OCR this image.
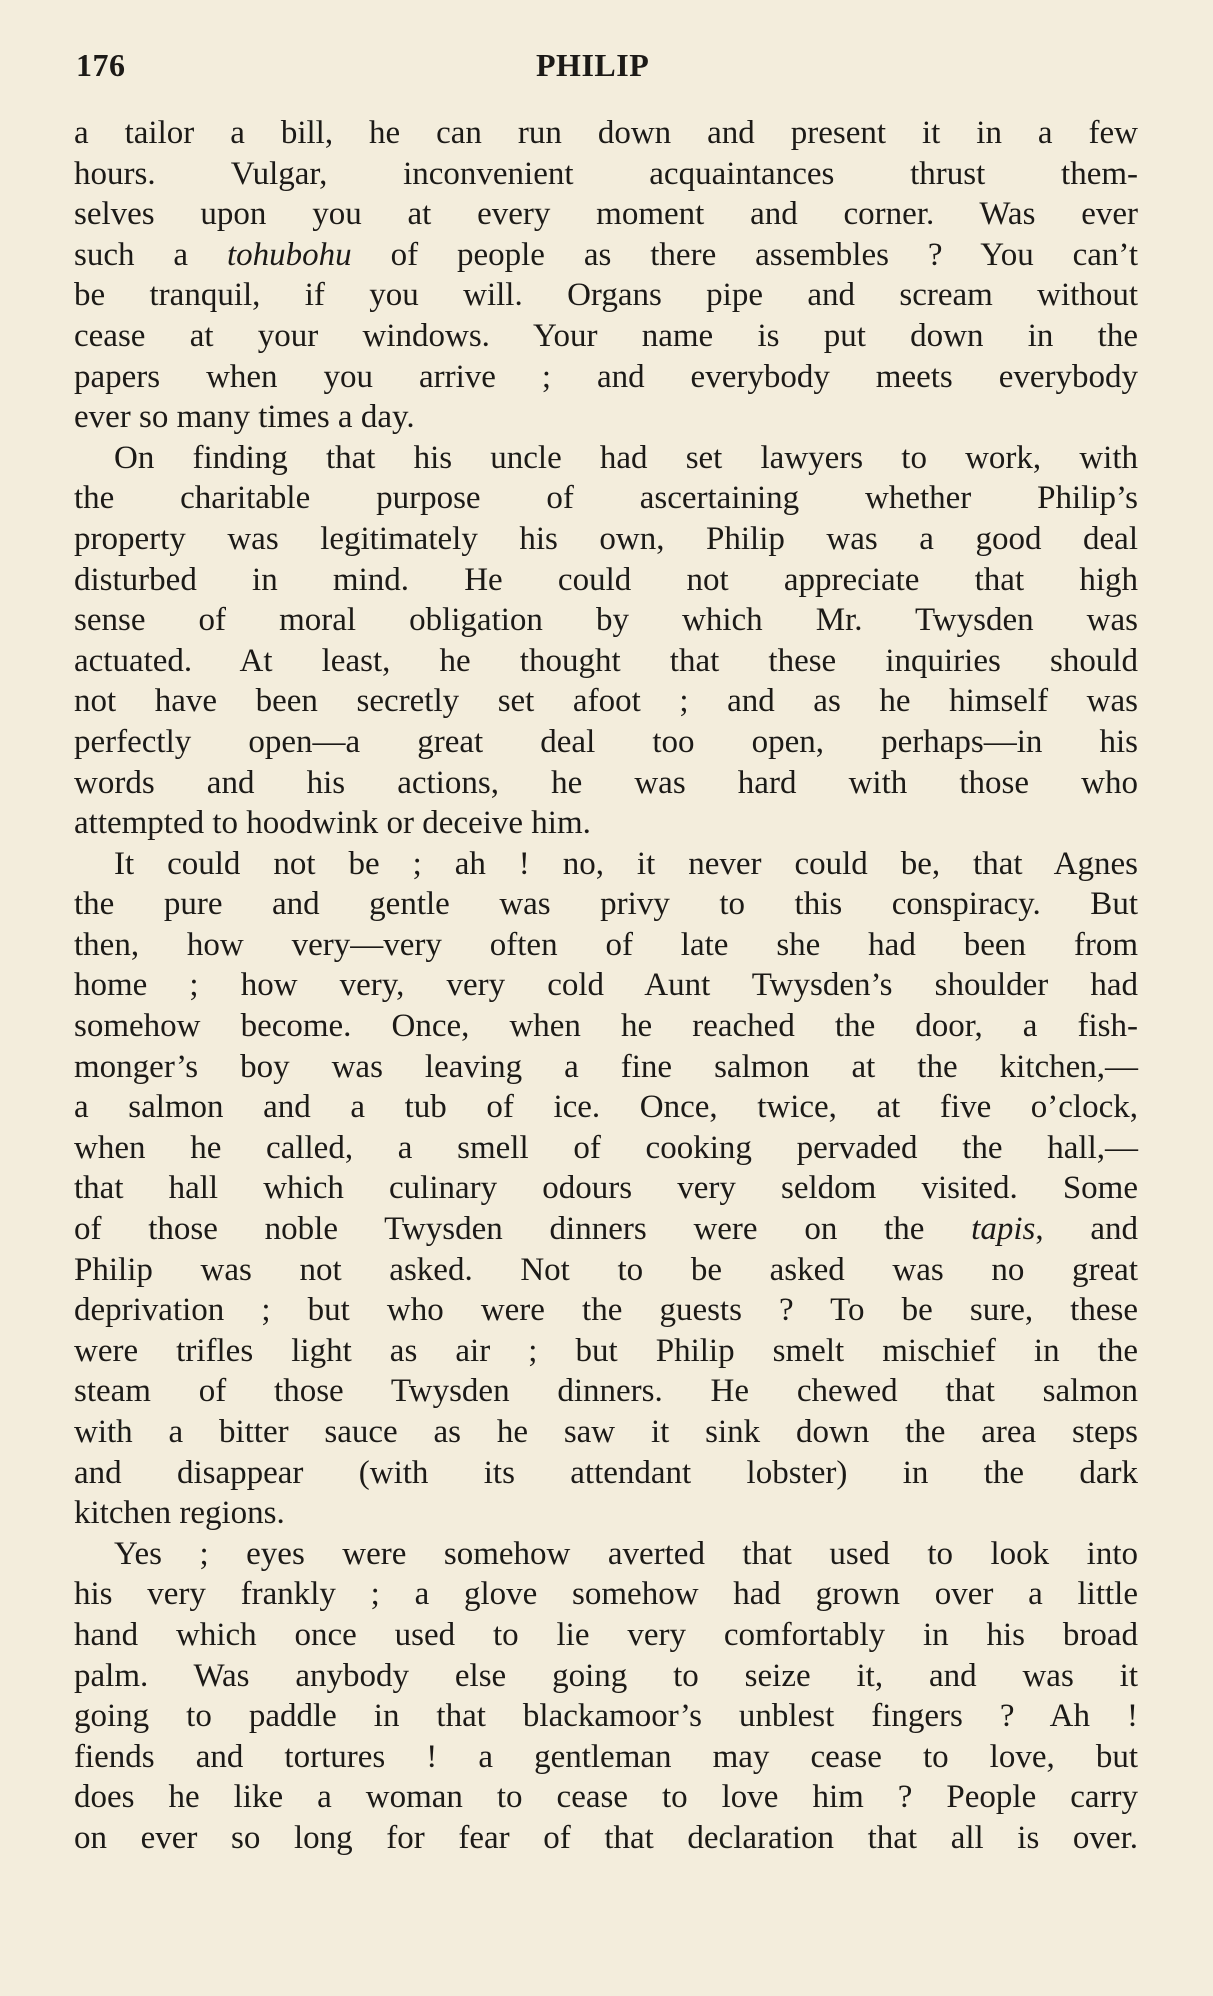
176	PHILIP
a tailor a bill, he can run down and present it in a few
hours. Vulgar, inconvenient acquaintances thrust them-
selves upon you at every moment and corner. Was ever
such a tohubohu of people as there assembles ? You can’t
be tranquil, if you will. Organs pipe and scream without
cease at your windows. Your name is put down in the
papers when you arrive ; and everybody meets everybody
ever so many times a day.
On finding that his uncle had set lawyers to work, with
the charitable purpose of ascertaining whether Philip’s
property was legitimately his own, Philip was a good deal
disturbed in mind. He could not appreciate that high
sense of moral obligation by which Mr. Twysden was
actuated. At least, he thought that these inquiries should
not have been secretly set afoot ; and as he himself was
perfectly open—a great deal too open, perhaps—in his
words and his actions, he was hard with those who
attempted to hoodwink or deceive him.
It could not be ; ah ! no, it never could be, that Agnes
the pure and gentle was privy to this conspiracy. But
then, how very—very often of late she had been from
home ; how very, very cold Aunt Twysden’s shoulder had
somehow become. Once, when he reached the door, a fish-
monger’s boy was leaving a fine salmon at the kitchen,—
a salmon and a tub of ice. Once, twice, at five o’clock,
when he called, a smell of cooking pervaded the hall,—
that hall which culinary odours very seldom visited. Some
of those noble Twysden dinners were on the tapis, and
Philip was not asked. Not to be asked was no great
deprivation ; but who were the guests ? To be sure, these
were trifles light as air ; but Philip smelt mischief in the
steam of those Twysden dinners. He chewed that salmon
with a bitter sauce as he saw it sink down the area steps
and disappear (with its attendant lobster) in the dark
kitchen regions.
Yes ; eyes were somehow averted that used to look into
his very frankly ; a glove somehow had grown over a little
hand which once used to lie very comfortably in his broad
palm. Was anybody else going to seize it, and was it
going to paddle in that blackamoor’s unblest fingers ? Ah !
fiends and tortures ! a gentleman may cease to love, but
does he like a woman to cease to love him ? People carry
on ever so long for fear of that declaration that all is over.
